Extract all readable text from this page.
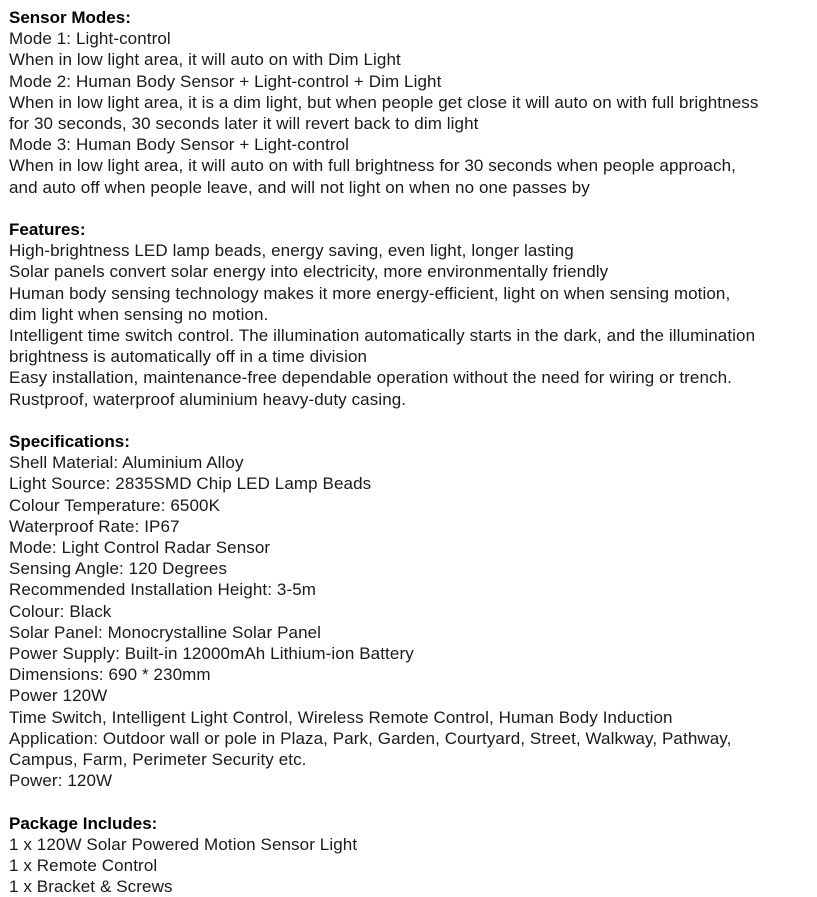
Sensor Modes:
Mode 1: Light-control
When in low light area, it will auto on with Dim Light
Mode 2: Human Body Sensor + Light-control + Dim Light
When in low light area, it is a dim light, but when people get close it will auto on with full brightness
for 30 seconds, 30 seconds later it will revert back to dim light
Mode 3: Human Body Sensor + Light-control
When in low light area, it will auto on with full brightness for 30 seconds when people approach,
and auto off when people leave, and will not light on when no one passes by
Features:
High-brightness LED lamp beads, energy saving, even light, longer lasting
Solar panels convert solar energy into electricity, more environmentally friendly
Human body sensing technology makes it more energy-efficient, light on when sensing motion,
dim light when sensing no motion.
Intelligent time switch control. The illumination automatically starts in the dark, and the illumination
brightness is automatically off in a time division
Easy installation, maintenance-free dependable operation without the need for wiring or trench.
Rustproof, waterproof aluminium heavy-duty casing.
Specifications:
Shell Material: Aluminium Alloy
Light Source: 2835SMD Chip LED Lamp Beads
Colour Temperature: 6500K
Waterproof Rate: IP67
Mode: Light Control Radar Sensor
Sensing Angle: 120 Degrees
Recommended Installation Height: 3-5m
Colour: Black
Solar Panel: Monocrystalline Solar Panel
Power Supply: Built-in 12000mAh Lithium-ion Battery
Dimensions: 690 * 230mm
Power 120W
Time Switch, Intelligent Light Control, Wireless Remote Control, Human Body Induction
Application: Outdoor wall or pole in Plaza, Park, Garden, Courtyard, Street, Walkway, Pathway,
Campus, Farm, Perimeter Security etc.
Power: 120W
Package Includes:
1 x 120W Solar Powered Motion Sensor Light
1 x Remote Control
1 x Bracket & Screws
